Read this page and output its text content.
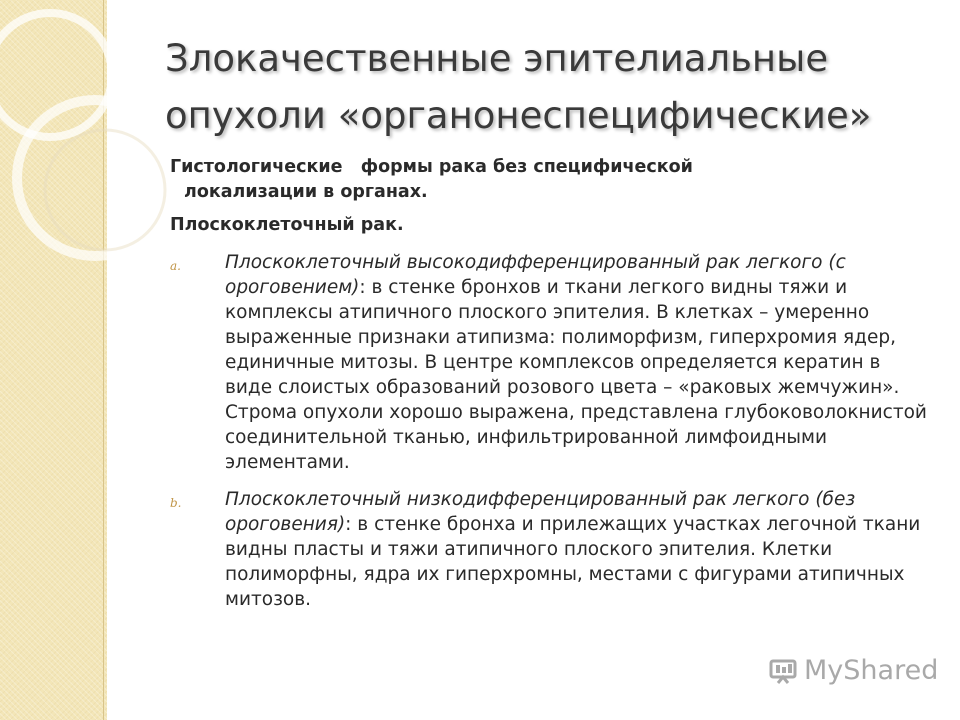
Злокачественные эпителиальные
опухоли «органонеспецифические»

Гистологические   формы рака без специфической
локализации в органах.

Плоскоклеточный рак.

a. Плоскоклеточный высокодифференцированный рак легкого (с ороговением): в стенке бронхов и ткани легкого видны тяжи и комплексы атипичного плоского эпителия. В клетках – умеренно выраженные признаки атипизма: полиморфизм, гиперхромия ядер, единичные митозы. В центре комплексов определяется кератин в виде слоистых образований розового цвета – «раковых жемчужин». Строма опухоли хорошо выражена, представлена глубоковолокнистой соединительной тканью, инфильтрированной лимфоидными элементами.
b. Плоскоклеточный низкодифференцированный рак легкого (без ороговения): в стенке бронха и прилежащих участках легочной ткани видны пласты и тяжи атипичного плоского эпителия. Клетки полиморфны, ядра их гиперхромны, местами с фигурами атипичных митозов.
MyShared
